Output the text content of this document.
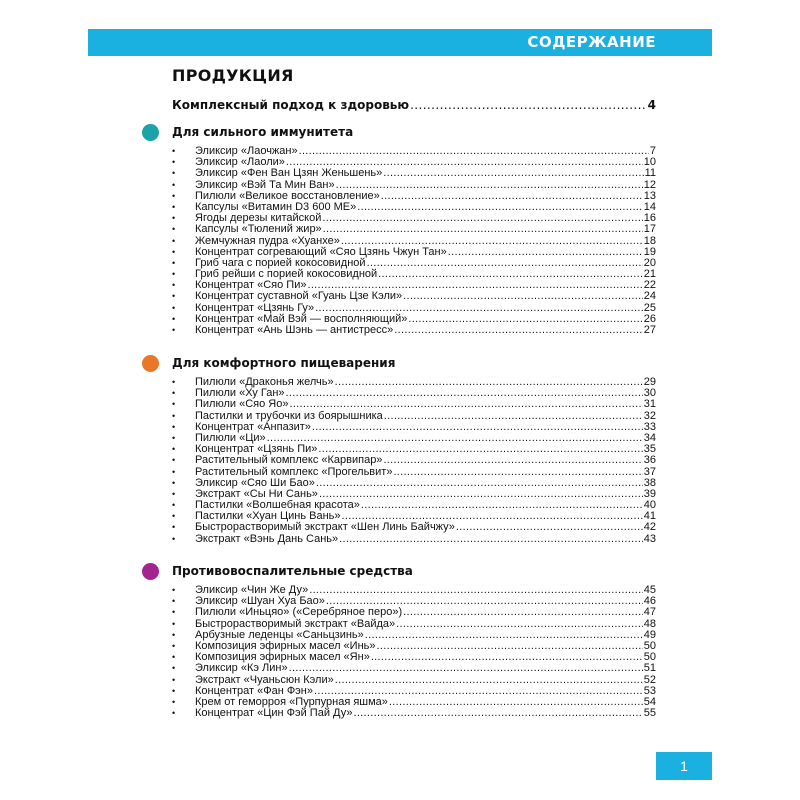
СОДЕРЖАНИЕ
ПРОДУКЦИЯ
Комплексный подход к здоровью .....	4
Для сильного иммунитета
• Эликсир «Лаочжан» .....	7
• Эликсир «Лаоли» .....	10
• Эликсир «Фен Ван Цзян Женьшень» .....	11
• Эликсир «Вэй Та Мин Ван» .....	12
• Пилюли «Великое восстановление» .....	13
• Капсулы «Витамин D3 600 МЕ» .....	14
• Ягоды дерезы китайской .....	16
• Капсулы «Тюлений жир» .....	17
• Жемчужная пудра «Хуанхе» .....	18
• Концентрат согревающий «Сяо Цзянь Чжун Тан» .....	19
• Гриб чага с порией кокосовидной .....	20
• Гриб рейши с порией кокосовидной .....	21
• Концентрат «Сяо Пи» .....	22
• Концентрат суставной «Гуань Цзе Кэли» .....	24
• Концентрат «Цзянь Гу» .....	25
• Концентрат «Май Вэй — восполняющий» .....	26
• Концентрат «Ань Шэнь — антистресс» .....	27
Для комфортного пищеварения
• Пилюли «Драконья желчь» .....	29
• Пилюли «Ху Ган» .....	30
• Пилюли «Сяо Яо» .....	31
• Пастилки и трубочки из боярышника .....	32
• Концентрат «Анпазит» .....	33
• Пилюли «Ци» .....	34
• Концентрат «Цзянь Пи» .....	35
• Растительный комплекс «Карвипар» .....	36
• Растительный комплекс «Прогельвит» .....	37
• Эликсир «Сяо Ши Бао» .....	38
• Экстракт «Сы Ни Сань» .....	39
• Пастилки «Волшебная красота» .....	40
• Пастилки «Хуан Цинь Вань» .....	41
• Быстрорастворимый экстракт «Шен Линь Байчжу» .....	42
• Экстракт «Вэнь Дань Сань» .....	43
Противовоспалительные средства
• Эликсир «Чин Же Ду» .....	45
• Эликсир «Шуан Хуа Бао» .....	46
• Пилюли «Иньцяо» («Серебряное перо») .....	47
• Быстрорастворимый экстракт «Вайда» .....	48
• Арбузные леденцы «Саньцзинь» .....	49
• Композиция эфирных масел «Инь» .....	50
• Композиция эфирных масел «Ян» .....	50
• Эликсир «Кэ Лин» .....	51
• Экстракт «Чуаньсюн Кэли» .....	52
• Концентрат «Фан Фэн» .....	53
• Крем от геморроя «Пурпурная яшма» .....	54
• Концентрат «Цин Фэй Пай Ду» .....	55
1
